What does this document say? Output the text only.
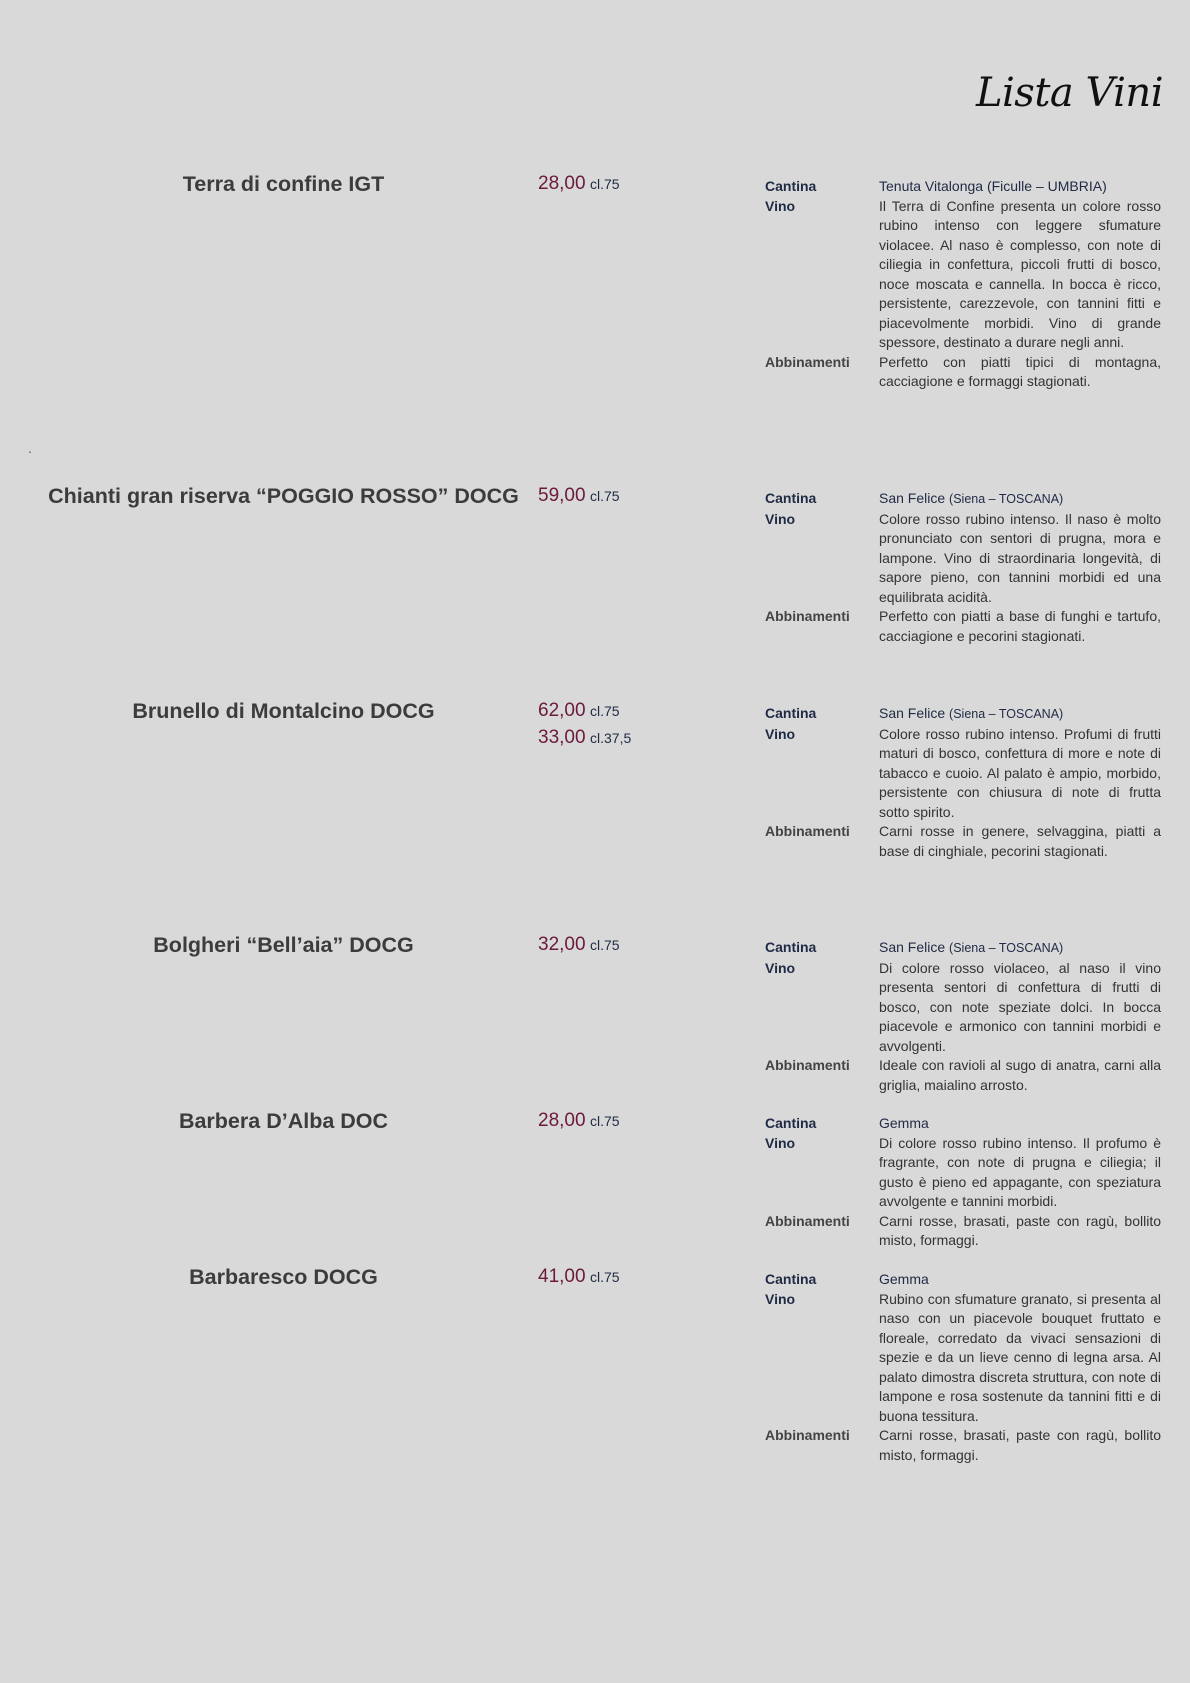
Lista Vini
.
Terra di confine IGT	28,00 cl.75	Cantina	Tenuta Vitalonga (Ficulle – UMBRIA)
Vino	Il Terra di Confine presenta un colore rosso rubino intenso con leggere sfumature violacee. Al naso è complesso, con note di ciliegia in confettura, piccoli frutti di bosco, noce moscata e cannella. In bocca è ricco, persistente, carezzevole, con tannini fitti e piacevolmente morbidi. Vino di grande spessore, destinato a durare negli anni.
Abbinamenti	Perfetto con piatti tipici di montagna, cacciagione e formaggi stagionati.
Chianti gran riserva “POGGIO ROSSO” DOCG	59,00 cl.75	Cantina	San Felice (Siena – TOSCANA)
Vino	Colore rosso rubino intenso. Il naso è molto pronunciato con sentori di prugna, mora e lampone. Vino di straordinaria longevità, di sapore pieno, con tannini morbidi ed una equilibrata acidità.
Abbinamenti	Perfetto con piatti a base di funghi e tartufo, cacciagione e pecorini stagionati.
Brunello di Montalcino DOCG	62,00 cl.75
33,00 cl.37,5
Cantina	San Felice (Siena – TOSCANA)
Vino	Colore rosso rubino intenso. Profumi di frutti maturi di bosco, confettura di more e note di tabacco e cuoio. Al palato è ampio, morbido, persistente con chiusura di note di frutta sotto spirito.
Abbinamenti	Carni rosse in genere, selvaggina, piatti a base di cinghiale, pecorini stagionati.
Bolgheri “Bell’aia” DOCG	32,00 cl.75	Cantina	San Felice (Siena – TOSCANA)
Vino	Di colore rosso violaceo, al naso il vino presenta sentori di confettura di frutti di bosco, con note speziate dolci. In bocca piacevole e armonico con tannini morbidi e avvolgenti.
Abbinamenti	Ideale con ravioli al sugo di anatra, carni alla griglia, maialino arrosto.
Barbera D’Alba DOC	28,00 cl.75	Cantina	Gemma
Vino	Di colore rosso rubino intenso. Il profumo è fragrante, con note di prugna e ciliegia; il gusto è pieno ed appagante, con speziatura avvolgente e tannini morbidi.
Abbinamenti	Carni rosse, brasati, paste con ragù, bollito misto, formaggi.
Barbaresco DOCG	41,00 cl.75	Cantina	Gemma
Vino	Rubino con sfumature granato, si presenta al naso con un piacevole bouquet fruttato e floreale, corredato da vivaci sensazioni di spezie e da un lieve cenno di legna arsa. Al palato dimostra discreta struttura, con note di lampone e rosa sostenute da tannini fitti e di buona tessitura.
Abbinamenti	Carni rosse, brasati, paste con ragù, bollito misto, formaggi.
